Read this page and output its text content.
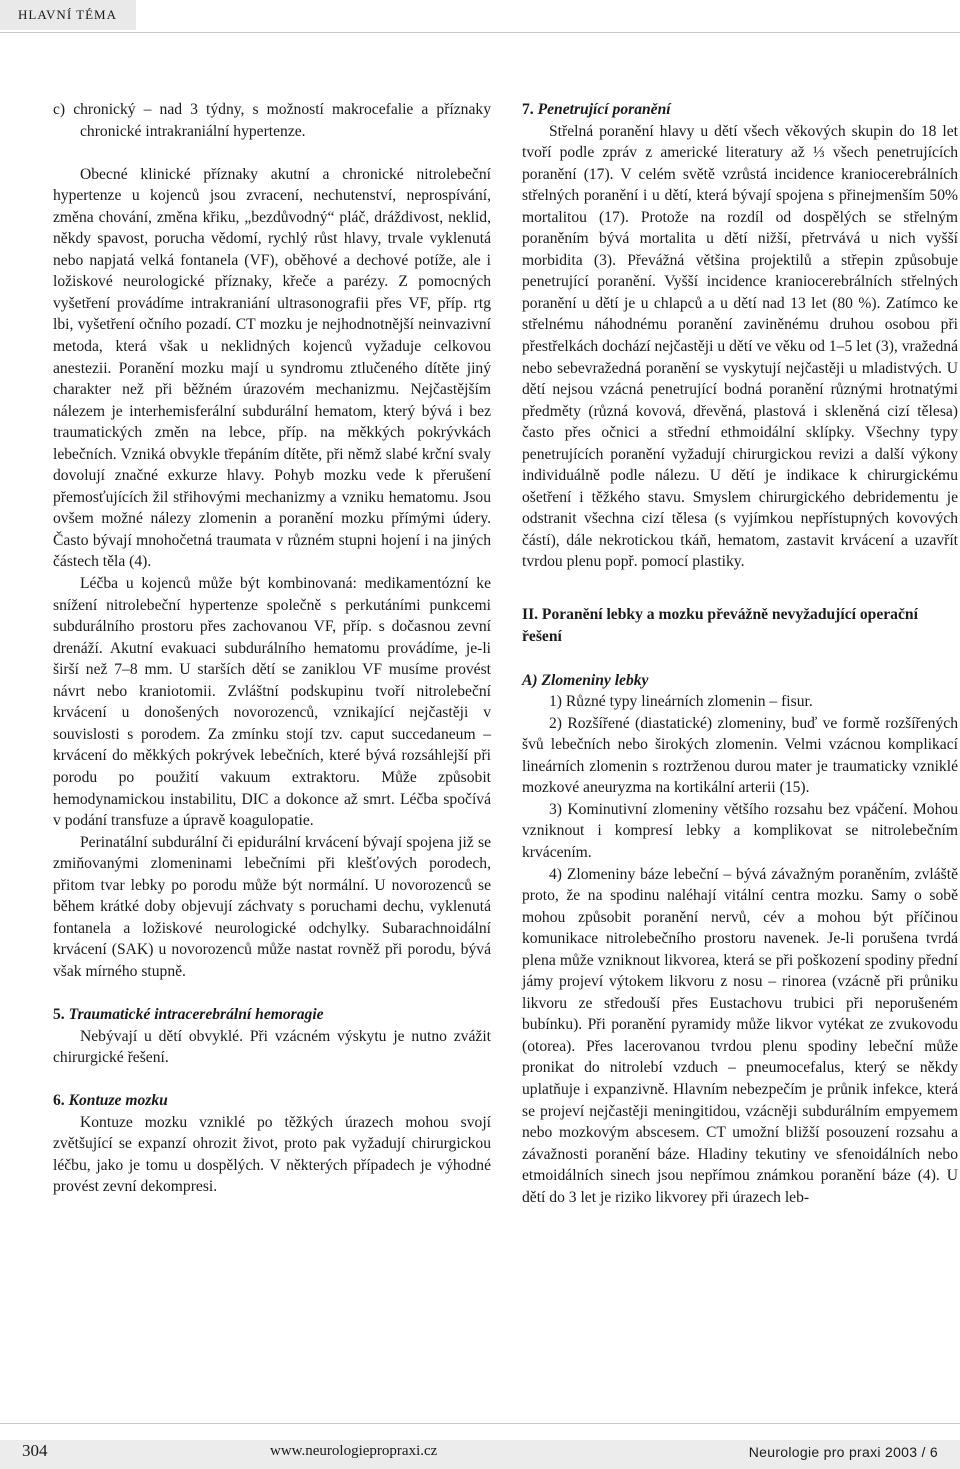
HLAVNÍ TÉMA

c) chronický – nad 3 týdny, s možností makrocefalie a příznaky chronické intrakraniální hypertenze.

Obecné klinické příznaky akutní a chronické nitrolebeční hypertenze u kojenců jsou zvracení, nechutenství, neprospívání, změna chování, změna křiku, „bezdůvodný“ pláč, dráždivost, neklid, někdy spavost, porucha vědomí, rychlý růst hlavy, trvale vyklenutá nebo napjatá velká fontanela (VF), oběhové a dechové potíže, ale i ložiskové neurologické příznaky, křeče a parézy. Z pomocných vyšetření provádíme intrakraniání ultrasonografii přes VF, příp. rtg lbi, vyšetření očního pozadí. CT mozku je nejhodnotnější neinvazivní metoda, která však u neklidných kojenců vyžaduje celkovou anestezii. Poranění mozku mají u syndromu ztlučeného dítěte jiný charakter než při běžném úrazovém mechanizmu. Nejčastějším nálezem je interhemisferální subdurální hematom, který bývá i bez traumatických změn na lebce, příp. na měkkých pokrývkách lebečních. Vzniká obvykle třepáním dítěte, při němž slabé krční svaly dovolují značné exkurze hlavy. Pohyb mozku vede k přerušení přemosťujících žil střihovými mechanizmy a vzniku hematomu. Jsou ovšem možné nálezy zlomenin a poranění mozku přímými údery. Často bývají mnohočetná traumata v různém stupni hojení i na jiných částech těla (4).

Léčba u kojenců může být kombinovaná: medikamentózní ke snížení nitrolebeční hypertenze společně s perkutáními punkcemi subdurálního prostoru přes zachovanou VF, příp. s dočasnou zevní drenáží. Akutní evakuaci subdurálního hematomu provádíme, je-li širší než 7–8 mm. U starších dětí se zaniklou VF musíme provést návrt nebo kraniotomii. Zvláštní podskupinu tvoří nitrolebeční krvácení u donošených novorozenců, vznikající nejčastěji v souvislosti s porodem. Za zmínku stojí tzv. caput succedaneum – krvácení do měkkých pokrývek lebečních, které bývá rozsáhlejší při porodu po použití vakuum extraktoru. Může způsobit hemodynamickou instabilitu, DIC a dokonce až smrt. Léčba spočívá v podání transfuze a úpravě koagulopatie.

Perinatální subdurální či epidurální krvácení bývají spojena již se zmiňovanými zlomeninami lebečními při klešťových porodech, přitom tvar lebky po porodu může být normální. U novorozenců se během krátké doby objevují záchvaty s poruchami dechu, vyklenutá fontanela a ložiskové neurologické odchylky. Subarachnoidální krvácení (SAK) u novorozenců může nastat rovněž při porodu, bývá však mírného stupně.

5. Traumatické intracerebrální hemoragie

Nebývají u dětí obvyklé. Při vzácném výskytu je nutno zvážit chirurgické řešení.

6. Kontuze mozku

Kontuze mozku vzniklé po těžkých úrazech mohou svojí zvětšující se expanzí ohrozit život, proto pak vyžadují chirurgickou léčbu, jako je tomu u dospělých. V některých případech je výhodné provést zevní dekompresi.

7. Penetrující poranění

Střelná poranění hlavy u dětí všech věkových skupin do 18 let tvoří podle zpráv z americké literatury až ⅓ všech penetrujících poranění (17). V celém světě vzrůstá incidence kraniocerebrálních střelných poranění i u dětí, která bývají spojena s přinejmenším 50% mortalitou (17). Protože na rozdíl od dospělých se střelným poraněním bývá mortalita u dětí nižší, přetrvává u nich vyšší morbidita (3). Převážná většina projektilů a střepin způsobuje penetrující poranění. Vyšší incidence kraniocerebrálních střelných poranění u dětí je u chlapců a u dětí nad 13 let (80 %). Zatímco ke střelnému náhodnému poranění zaviněnému druhou osobou při přestřelkách dochází nejčastěji u dětí ve věku od 1–5 let (3), vražedná nebo sebevražedná poranění se vyskytují nejčastěji u mladistvých. U dětí nejsou vzácná penetrující bodná poranění různými hrotnatými předměty (různá kovová, dřevěná, plastová i skleněná cizí tělesa) často přes očnici a střední ethmoidální sklípky. Všechny typy penetrujících poranění vyžadují chirurgickou revizi a další výkony individuálně podle nálezu. U dětí je indikace k chirurgickému ošetření i těžkého stavu. Smyslem chirurgického debridementu je odstranit všechna cizí tělesa (s vyjímkou nepřístupných kovových částí), dále nekrotickou tkáň, hematom, zastavit krvácení a uzavřít tvrdou plenu popř. pomocí plastiky.

II. Poranění lebky a mozku převážně nevyžadující operační řešení
A) Zlomeniny lebky

1) Různé typy lineárních zlomenin – fisur.

2) Rozšířené (diastatické) zlomeniny, buď ve formě rozšířených švů lebečních nebo širokých zlomenin. Velmi vzácnou komplikací lineárních zlomenin s roztrženou durou mater je traumaticky vzniklé mozkové aneuryzma na kortikální arterii (15).

3) Kominutivní zlomeniny většího rozsahu bez vpáčení. Mohou vzniknout i kompresí lebky a komplikovat se nitrolebečním krvácením.

4) Zlomeniny báze lebeční – bývá závažným poraněním, zvláště proto, že na spodinu naléhají vitální centra mozku. Samy o sobě mohou způsobit poranění nervů, cév a mohou být příčinou komunikace nitrolebečního prostoru navenek. Je-li porušena tvrdá plena může vzniknout likvorea, která se při poškození spodiny přední jámy projeví výtokem likvoru z nosu – rinorea (vzácně při průniku likvoru ze středouší přes Eustachovu trubici při neporušeném bubínku). Při poranění pyramidy může likvor vytékat ze zvukovodu (otorea). Přes lacerovanou tvrdou plenu spodiny lebeční může pronikat do nitrolebí vzduch – pneumocefalus, který se někdy uplatňuje i expanzivně. Hlavním nebezpečím je průnik infekce, která se projeví nejčastěji meningitidou, vzácněji subdurálním empyemem nebo mozkovým abscesem. CT umožní bližší posouzení rozsahu a závažnosti poranění báze. Hladiny tekutiny ve sfenoidálních nebo etmoidálních sinech jsou nepřímou známkou poranění báze (4). U dětí do 3 let je riziko likvorey při úrazech leb-

304	www.neurologiepropraxi.cz	Neurologie pro praxi 2003 / 6
